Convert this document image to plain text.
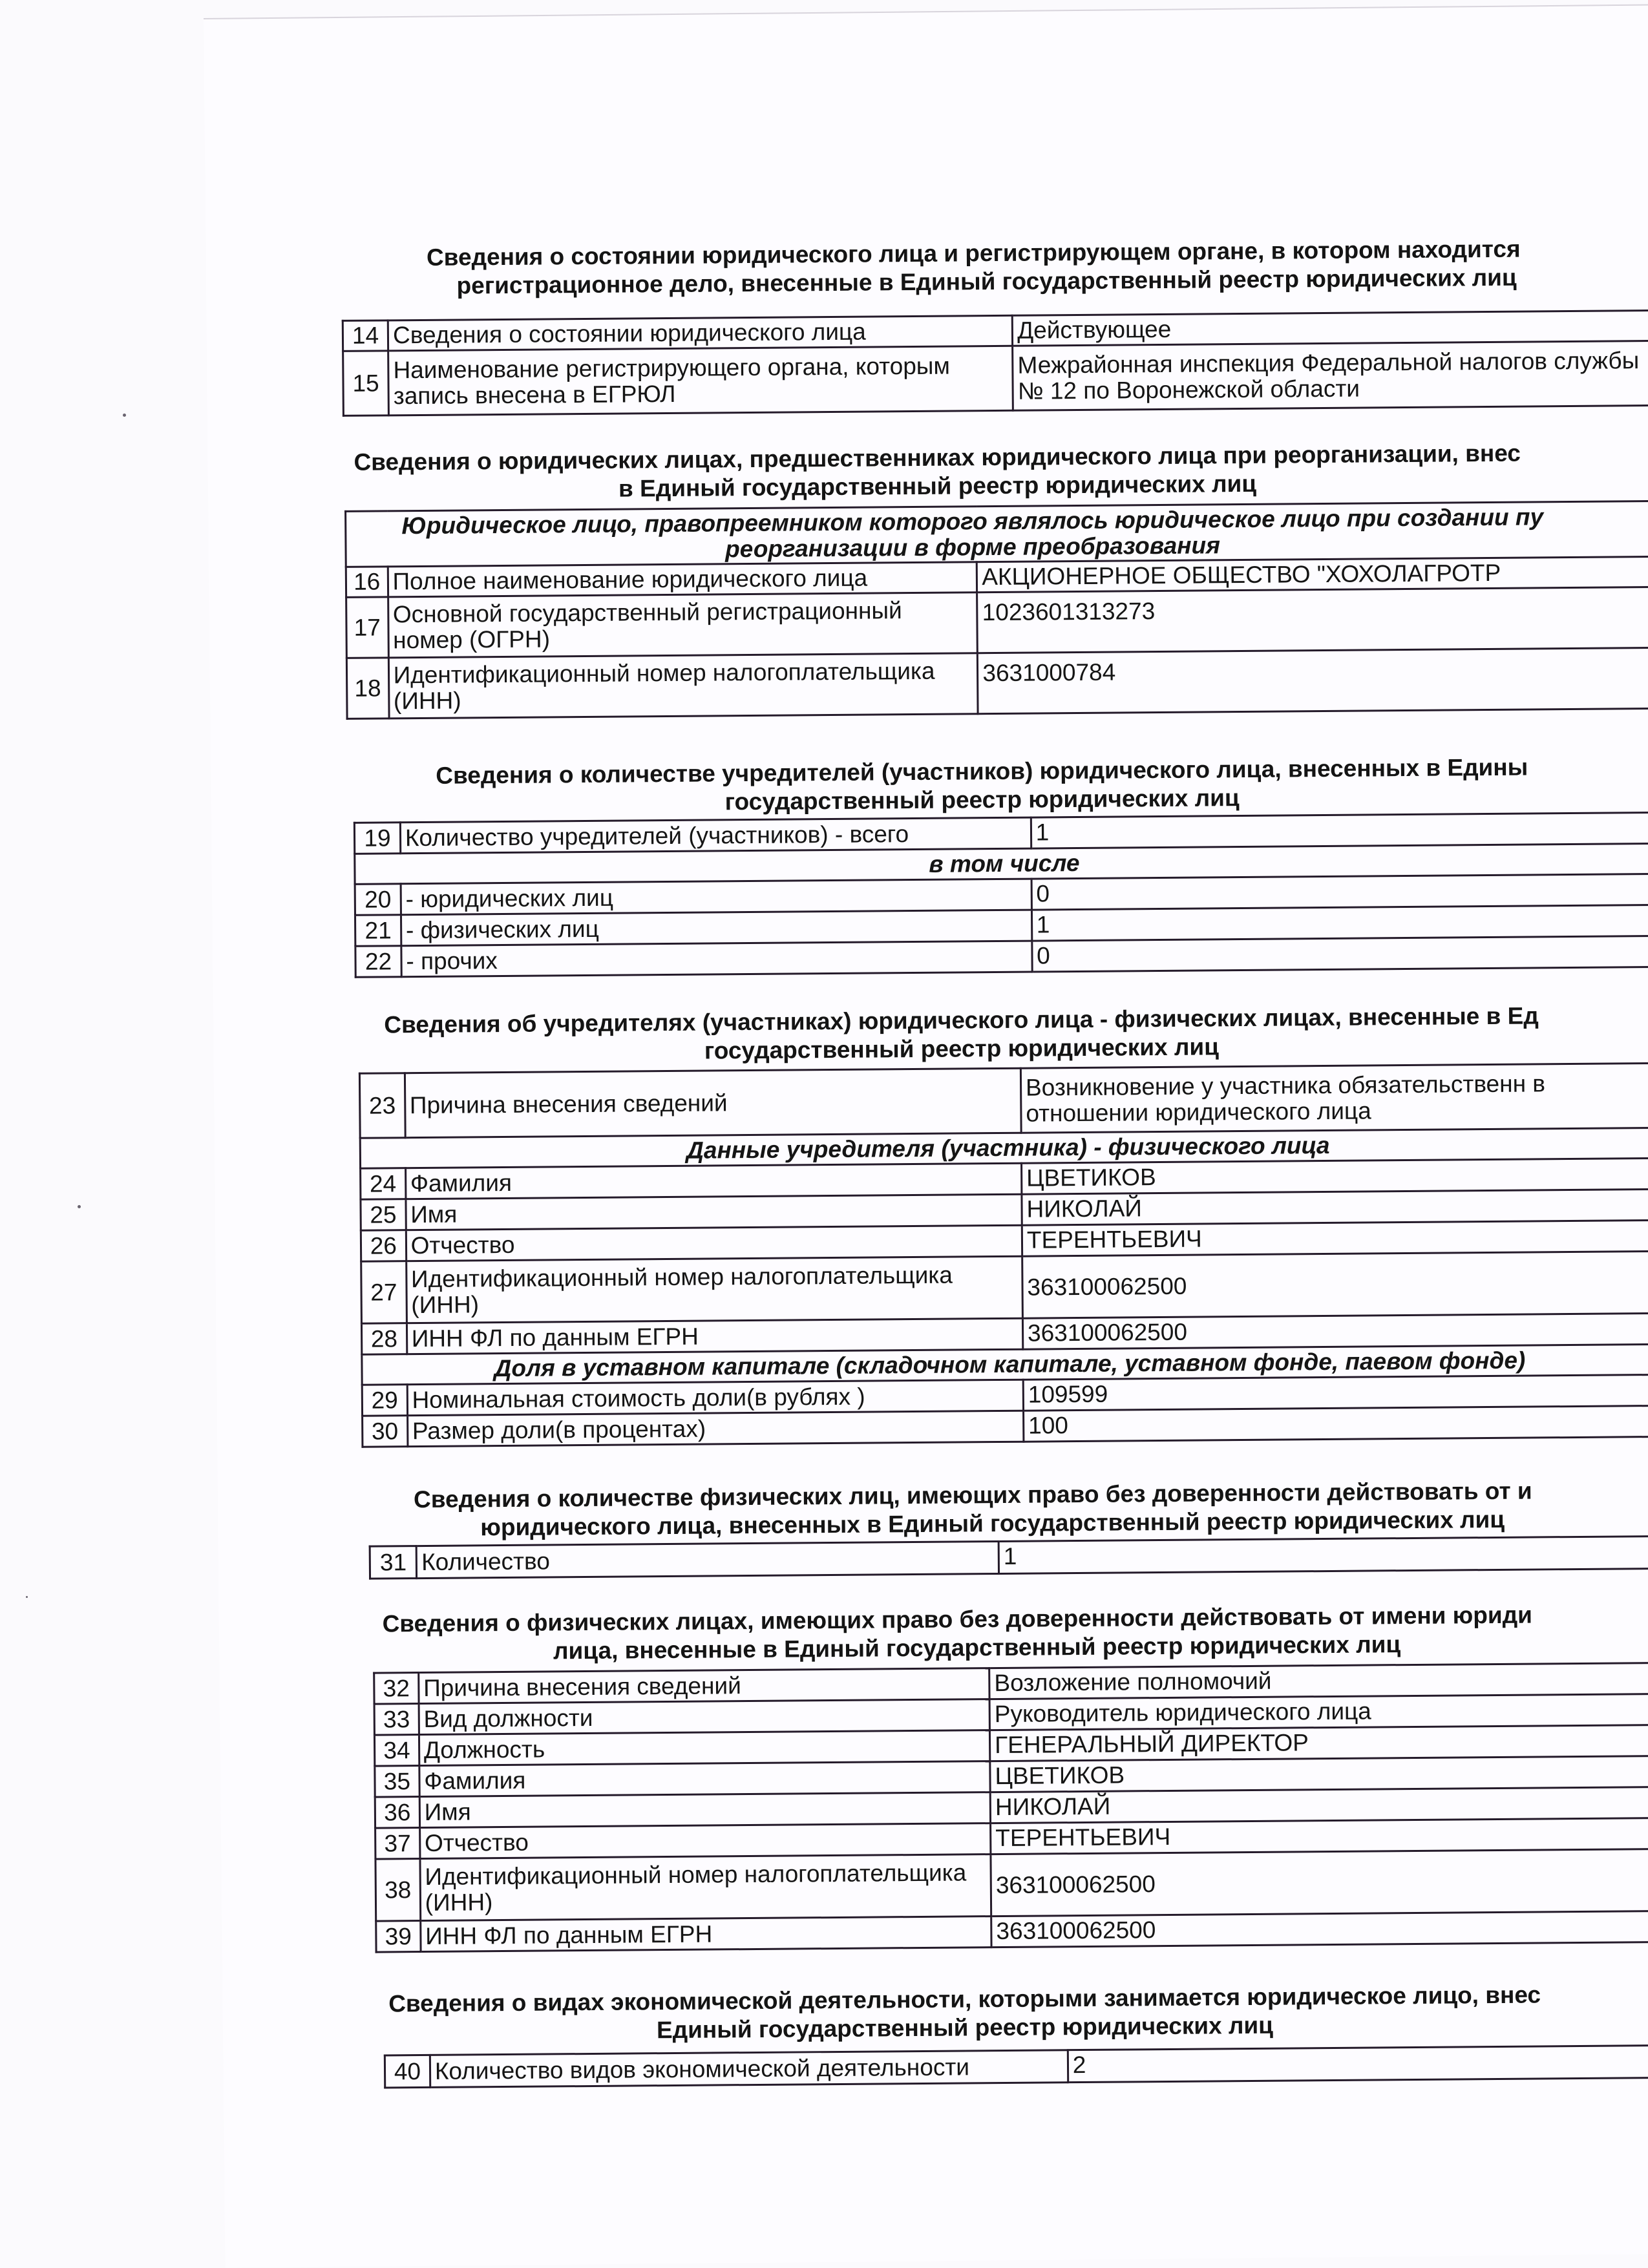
Сведения о состоянии юридического лица и регистрирующем органе, в котором находится
регистрационное дело, внесенные в Единый государственный реестр юридических лиц
14	Сведения о состоянии юридического лица	Действующее
15	Наименование регистрирующего органа, которым запись внесена в ЕГРЮЛ	Межрайонная инспекция Федеральной налогов службы № 12 по Воронежской области
Сведения о юридических лицах, предшественниках юридического лица при реорганизации, внес
в Единый государственный реестр юридических лиц
Юридическое лицо, правопреемником которого являлось юридическое лицо при создании пу реорганизации в форме преобразования		
16	Полное наименование юридического лица	АКЦИОНЕРНОЕ ОБЩЕСТВО "ХОХОЛАГРОТР
17	Основной государственный регистрационный номер (ОГРН)	1023601313273
18	Идентификационный номер налогоплательщика (ИНН)	3631000784
Сведения о количестве учредителей (участников) юридического лица, внесенных в Едины
государственный реестр юридических лиц
19	Количество учредителей (участников) - всего	1
в том числе		
20	- юридических лиц	0
21	- физических лиц	1
22	- прочих	0
Сведения об учредителях (участниках) юридического лица - физических лицах, внесенные в Ед
государственный реестр юридических лиц
23	Причина внесения сведений	Возникновение у участника обязательственн в отношении юридического лица
Данные учредителя (участника) - физического лица		
24	Фамилия	ЦВЕТИКОВ
25	Имя	НИКОЛАЙ
26	Отчество	ТЕРЕНТЬЕВИЧ
27	Идентификационный номер налогоплательщика (ИНН)	363100062500
28	ИНН ФЛ по данным ЕГРН	363100062500
Доля в уставном капитале (складочном капитале, уставном фонде, паевом фонде)		
29	Номинальная стоимость доли(в рублях )	109599
30	Размер доли(в процентах)	100
Сведения о количестве физических лиц, имеющих право без доверенности действовать от и
юридического лица, внесенных в Единый государственный реестр юридических лиц
31	Количество	1
Сведения о физических лицах, имеющих право без доверенности действовать от имени юриди
лица, внесенные в Единый государственный реестр юридических лиц
32	Причина внесения сведений	Возложение полномочий
33	Вид должности	Руководитель юридического лица
34	Должность	ГЕНЕРАЛЬНЫЙ ДИРЕКТОР
35	Фамилия	ЦВЕТИКОВ
36	Имя	НИКОЛАЙ
37	Отчество	ТЕРЕНТЬЕВИЧ
38	Идентификационный номер налогоплательщика (ИНН)	363100062500
39	ИНН ФЛ по данным ЕГРН	363100062500
Сведения о видах экономической деятельности, которыми занимается юридическое лицо, внес
Единый государственный реестр юридических лиц
40	Количество видов экономической деятельности	2
